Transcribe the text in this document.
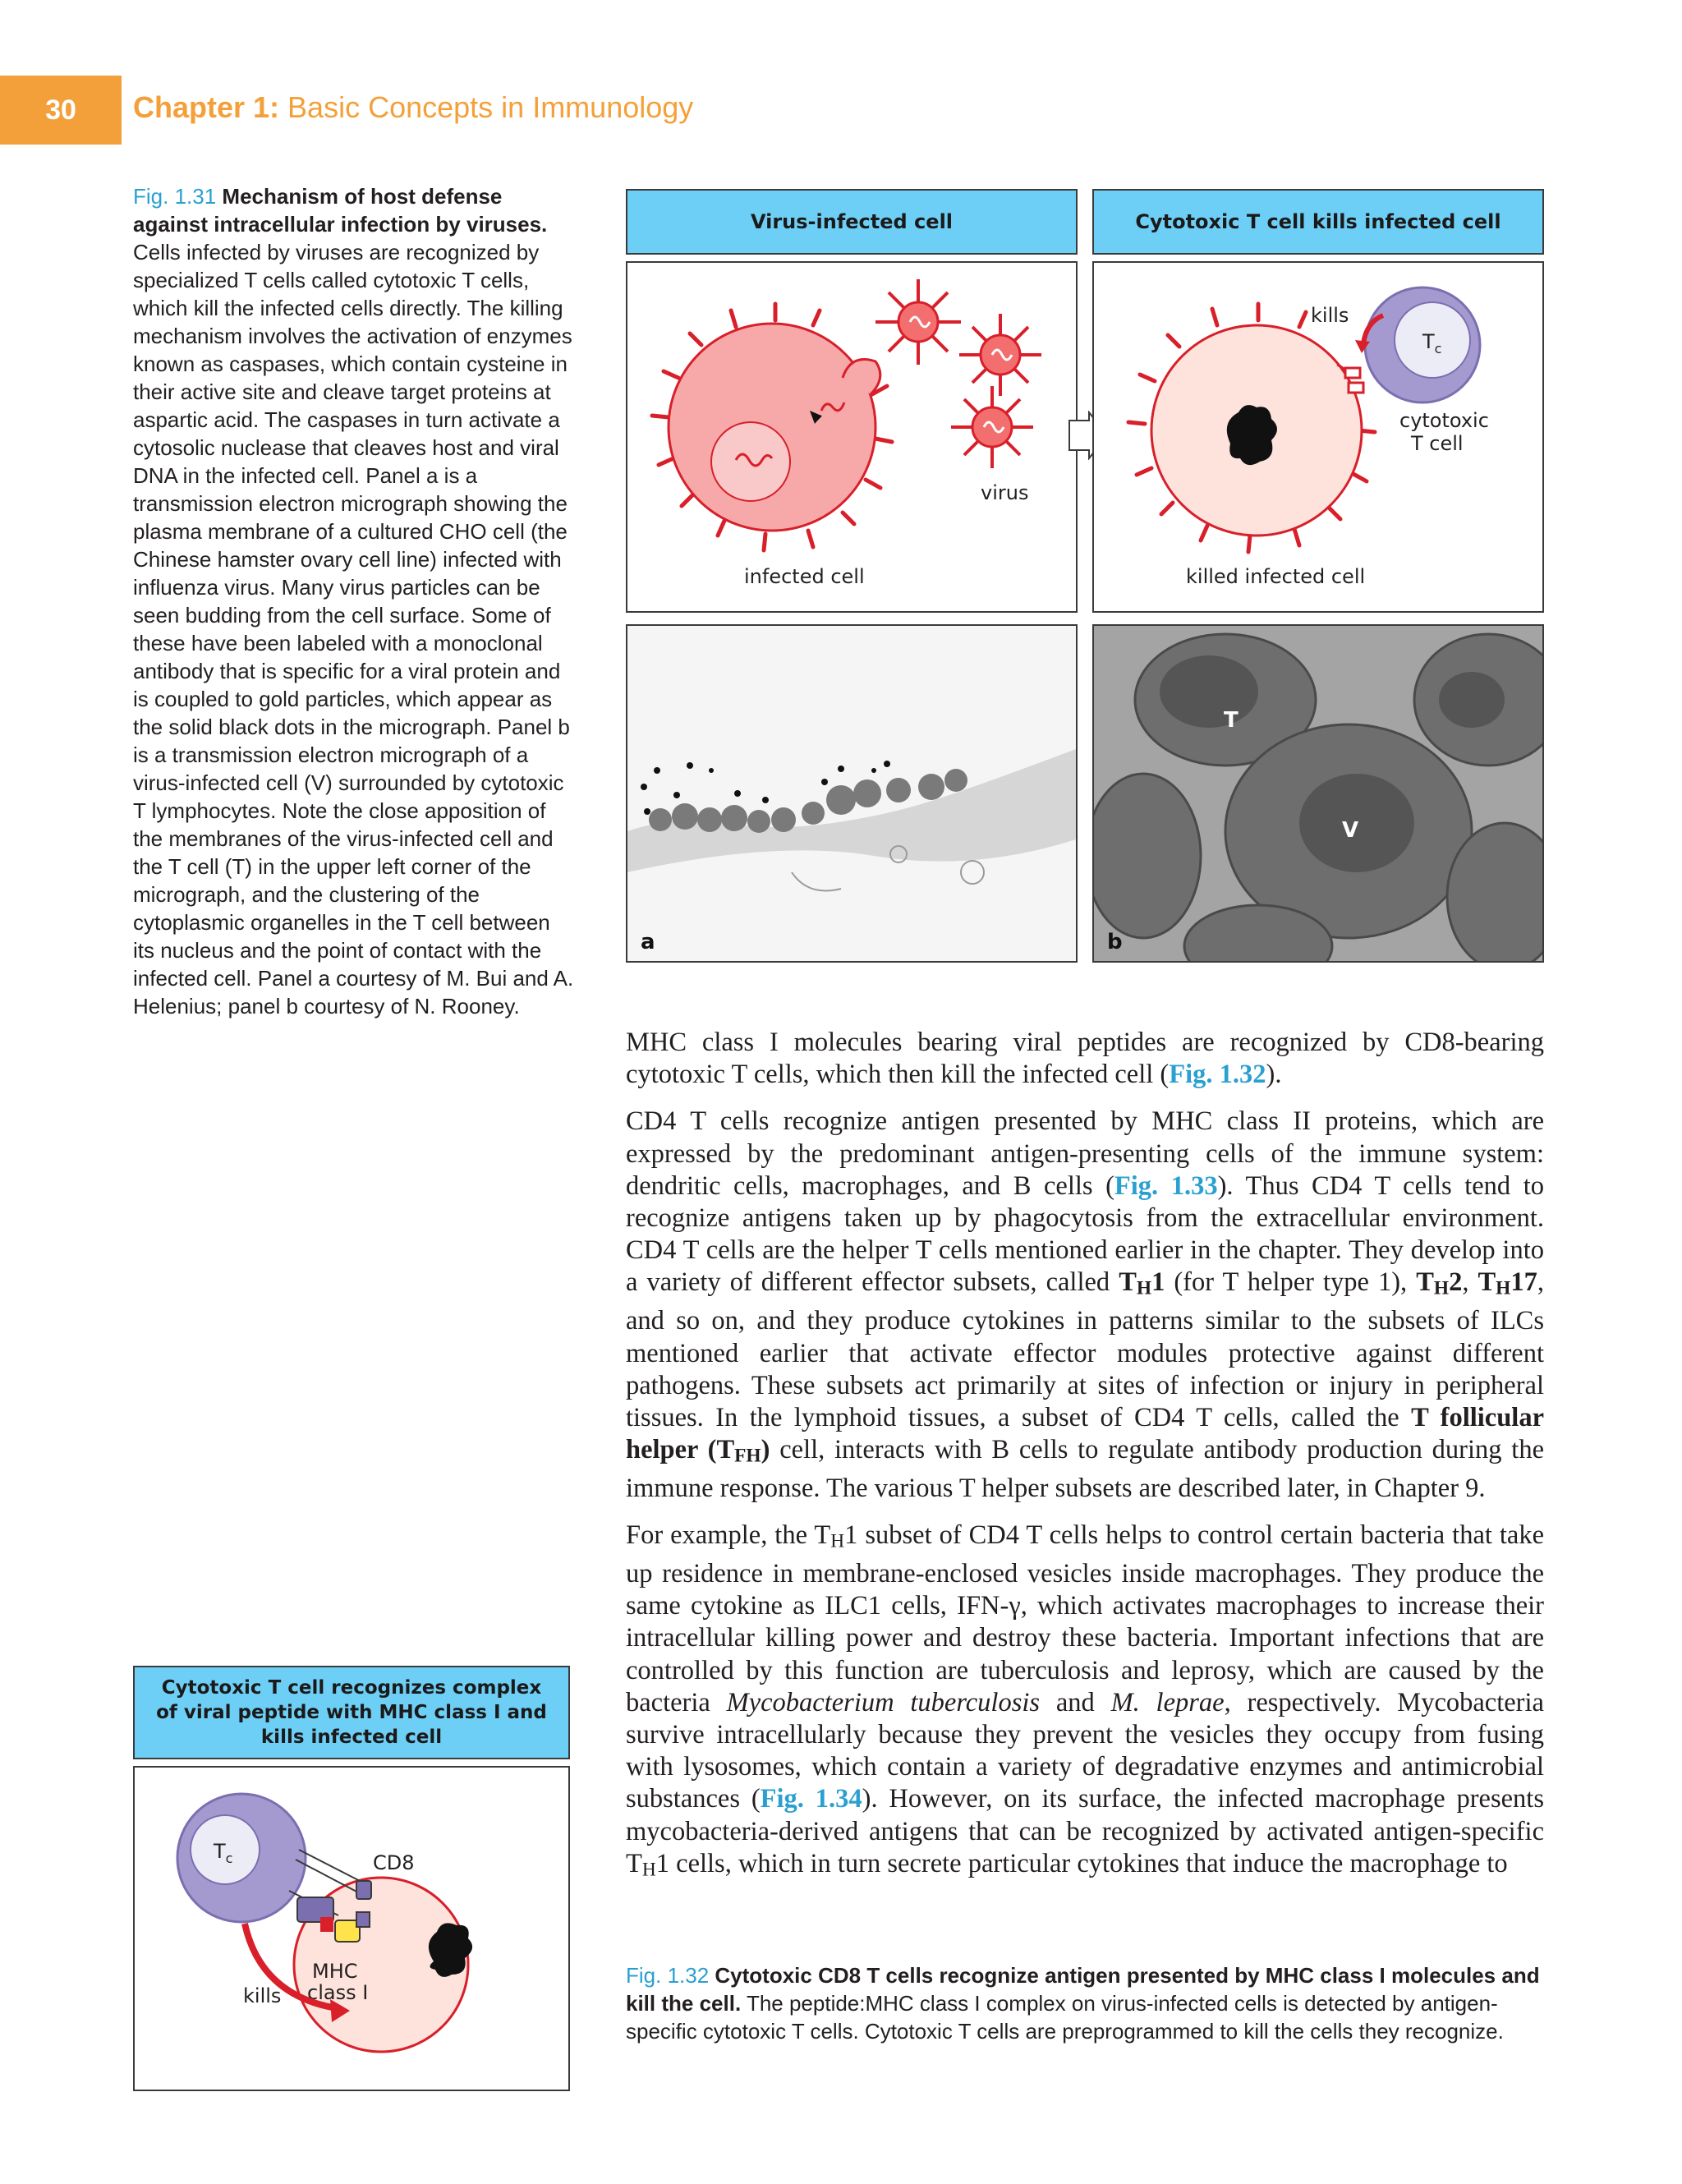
30	Chapter 1: Basic Concepts in Immunology
Fig. 1.31 Mechanism of host defense against intracellular infection by viruses. Cells infected by viruses are recognized by specialized T cells called cytotoxic T cells, which kill the infected cells directly. The killing mechanism involves the activation of enzymes known as caspases, which contain cysteine in their active site and cleave target proteins at aspartic acid. The caspases in turn activate a cytosolic nuclease that cleaves host and viral DNA in the infected cell. Panel a is a transmission electron micrograph showing the plasma membrane of a cultured CHO cell (the Chinese hamster ovary cell line) infected with influenza virus. Many virus particles can be seen budding from the cell surface. Some of these have been labeled with a monoclonal antibody that is specific for a viral protein and is coupled to gold particles, which appear as the solid black dots in the micrograph. Panel b is a transmission electron micrograph of a virus-infected cell (V) surrounded by cytotoxic T lymphocytes. Note the close apposition of the membranes of the virus-infected cell and the T cell (T) in the upper left corner of the micrograph, and the clustering of the cytoplasmic organelles in the T cell between its nucleus and the point of contact with the infected cell. Panel a courtesy of M. Bui and A. Helenius; panel b courtesy of N. Rooney.
Virus-infected cell	Cytotoxic T cell kills infected cell
virus
infected cell
$T_c$
kills
cytotoxic
T cell
killed infected cell
a
T
V
b

MHC class I molecules bearing viral peptides are recognized by CD8-bearing cytotoxic T cells, which then kill the infected cell (Fig. 1.32).

CD4 T cells recognize antigen presented by MHC class II proteins, which are expressed by the predominant antigen-presenting cells of the immune system: dendritic cells, macrophages, and B cells (Fig. 1.33). Thus CD4 T cells tend to recognize antigens taken up by phagocytosis from the extracellular environment. CD4 T cells are the helper T cells mentioned earlier in the chapter. They develop into a variety of different effector subsets, called $T_H1$ (for T helper type 1), $T_H2$, $T_H17$, and so on, and they produce cytokines in patterns similar to the subsets of ILCs mentioned earlier that activate effector modules protective against different pathogens. These subsets act primarily at sites of infection or injury in peripheral tissues. In the lymphoid tissues, a subset of CD4 T cells, called the T follicular helper $(T_{FH})$ cell, interacts with B cells to regulate antibody production during the immune response. The various T helper subsets are described later, in Chapter 9.

For example, the $T_H1$ subset of CD4 T cells helps to control certain bacteria that take up residence in membrane-enclosed vesicles inside macrophages. They produce the same cytokine as ILC1 cells, IFN-γ, which activates macrophages to increase their intracellular killing power and destroy these bacteria. Important infections that are controlled by this function are tuberculosis and leprosy, which are caused by the bacteria Mycobacterium tuberculosis and M. leprae, respectively. Mycobacteria survive intracellularly because they prevent the vesicles they occupy from fusing with lysosomes, which contain a variety of degradative enzymes and antimicrobial substances (Fig. 1.34). However, on its surface, the infected macrophage presents mycobacteria-derived antigens that can be recognized by activated antigen-specific $T_H1$ cells, which in turn secrete particular cytokines that induce the macrophage to

Cytotoxic T cell recognizes complex of viral peptide with MHC class I and kills infected cell
$T_c$	CD8
MHC
class I
kills
Fig. 1.32 Cytotoxic CD8 T cells recognize antigen presented by MHC class I molecules and kill the cell. The peptide:MHC class I complex on virus-infected cells is detected by antigen-specific cytotoxic T cells. Cytotoxic T cells are preprogrammed to kill the cells they recognize.
